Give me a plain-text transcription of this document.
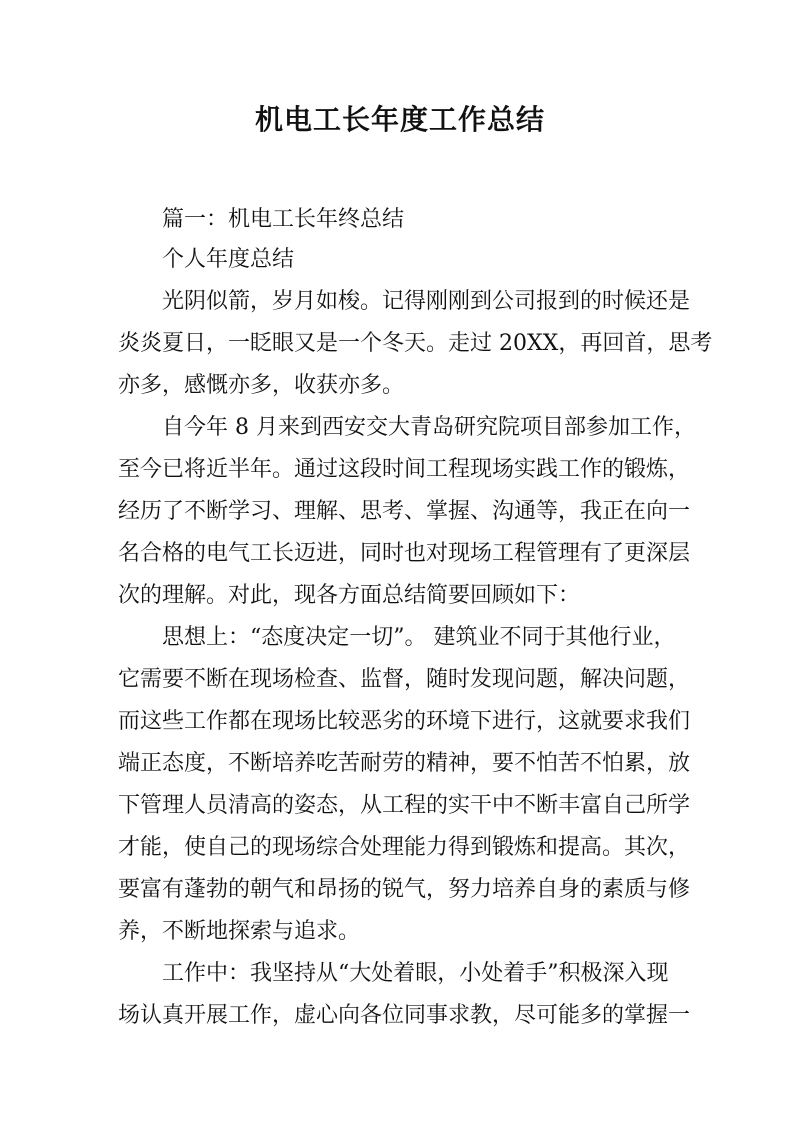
机电工长年度工作总结
篇一：机电工长年终总结
个人年度总结
光阴似箭，岁月如梭。记得刚刚到公司报到的时候还是
炎炎夏日，一眨眼又是一个冬天。走过 20XX，再回首，思考
亦多，感慨亦多，收获亦多。
自今年 8 月来到西安交大青岛研究院项目部参加工作，
至今已将近半年。通过这段时间工程现场实践工作的锻炼，
经历了不断学习、理解、思考、掌握、沟通等，我正在向一
名合格的电气工长迈进，同时也对现场工程管理有了更深层
次的理解。对此，现各方面总结简要回顾如下：
思想上：“态度决定一切”。 建筑业不同于其他行业，
它需要不断在现场检查、监督，随时发现问题，解决问题，
而这些工作都在现场比较恶劣的环境下进行，这就要求我们
端正态度，不断培养吃苦耐劳的精神，要不怕苦不怕累，放
下管理人员清高的姿态，从工程的实干中不断丰富自己所学
才能，使自己的现场综合处理能力得到锻炼和提高。其次，
要富有蓬勃的朝气和昂扬的锐气，努力培养自身的素质与修
养，不断地探索与追求。
工作中：我坚持从“大处着眼，小处着手”积极深入现
场认真开展工作，虚心向各位同事求教，尽可能多的掌握一
